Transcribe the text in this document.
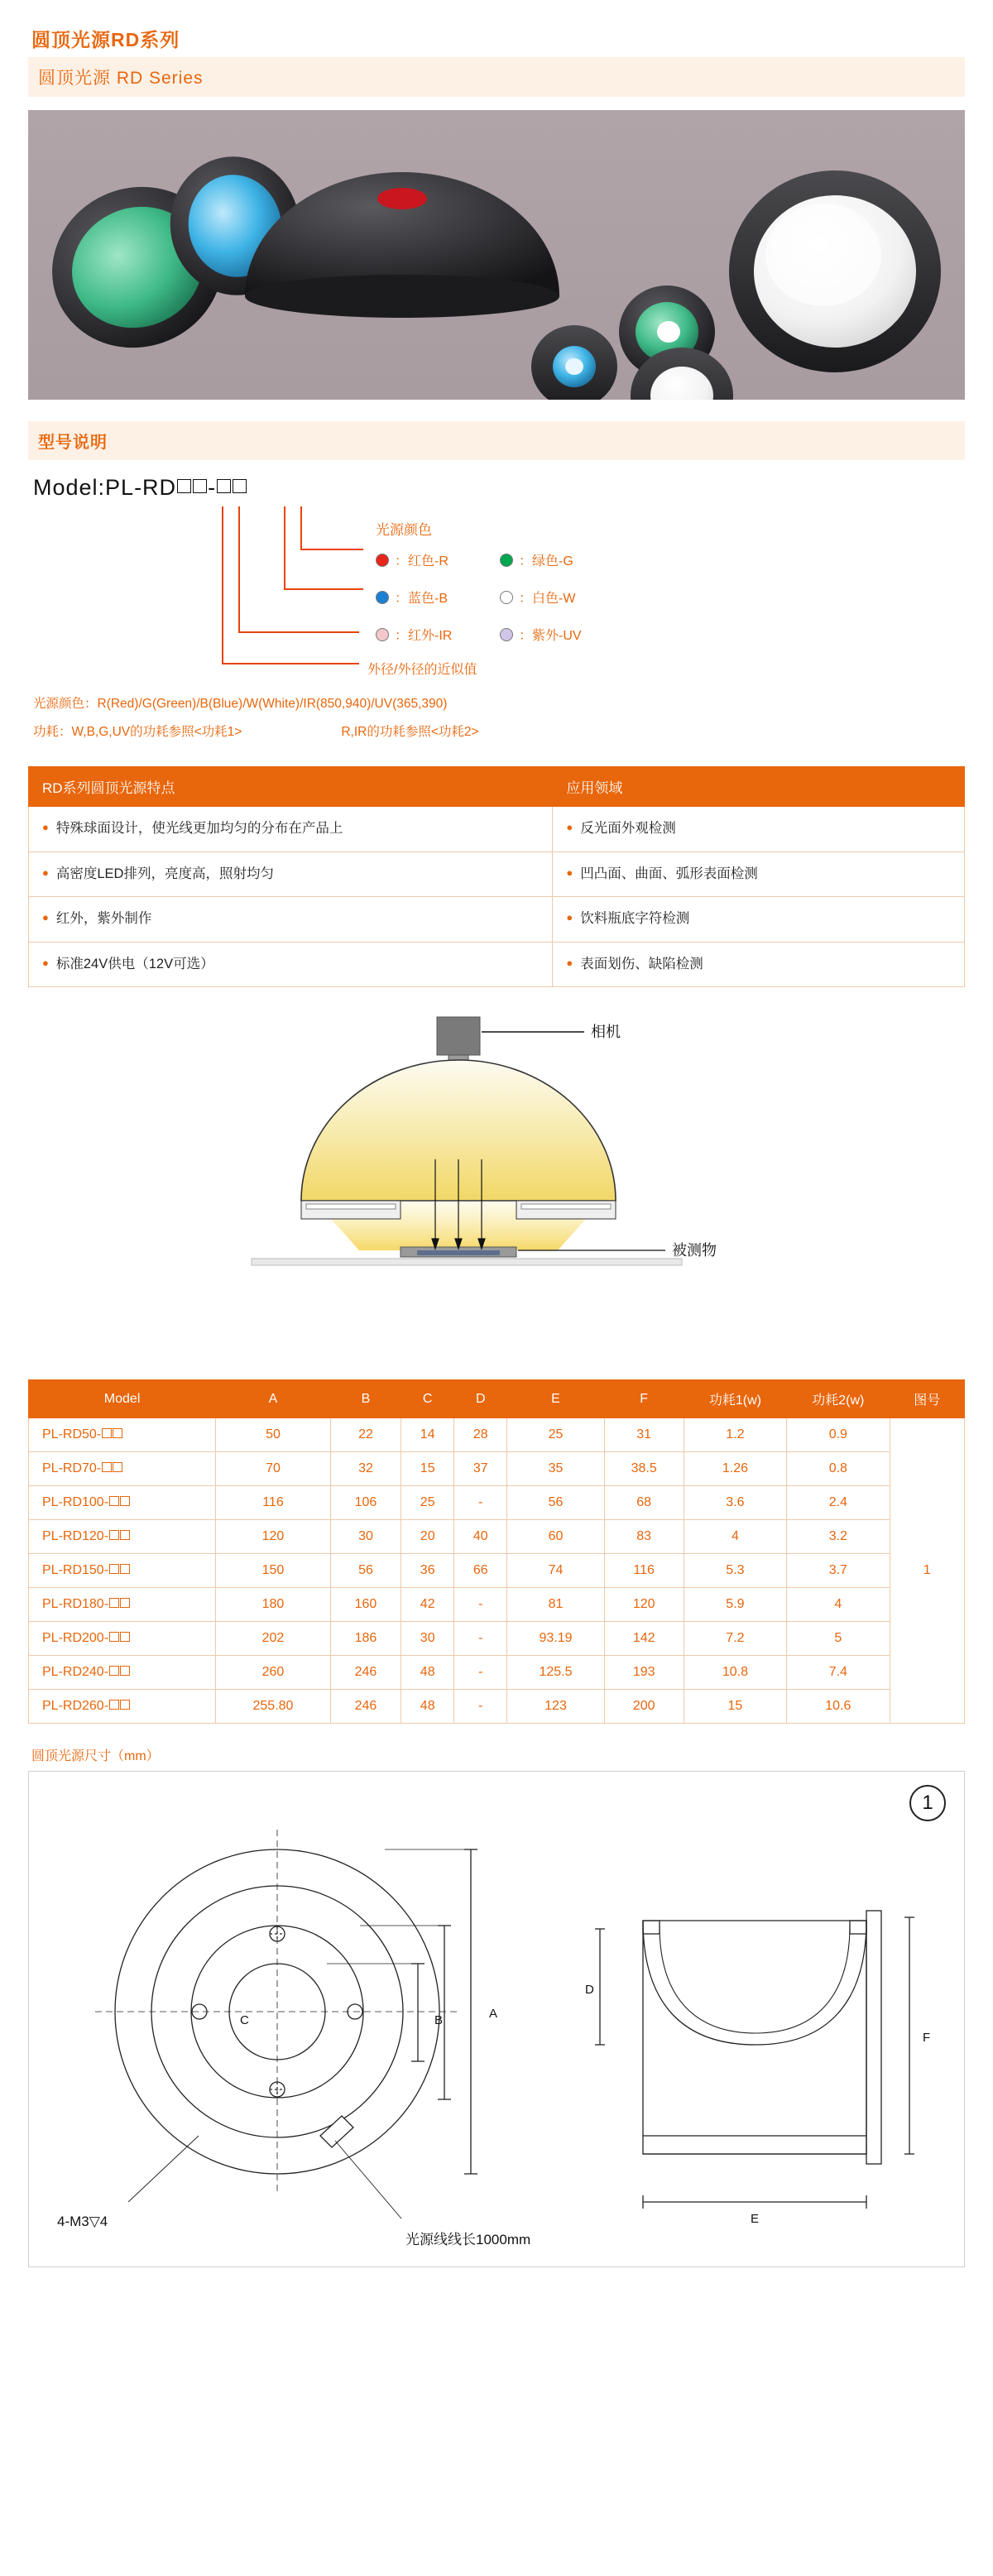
圆顶光源RD系列
圆顶光源 RD Series
型号说明
Model:PL-RD -
光源颜色
：红色-R	：绿色-G
：蓝色-B	：白色-W
：红外-IR	：紫外-UV
外径/外径的近似值
光源颜色：R(Red)/G(Green)/B(Blue)/W(White)/IR(850,940)/UV(365,390)
功耗：W,B,G,UV的功耗参照<功耗1>	R,IR的功耗参照<功耗2>
RD系列圆顶光源特点	应用领域
● 特殊球面设计，使光线更加均匀的分布在产品上	● 反光面外观检测
● 高密度LED排列，亮度高，照射均匀	● 凹凸面、曲面、弧形表面检测
● 红外，紫外制作	● 饮料瓶底字符检测
● 标准24V供电（12V可选）	● 表面划伤、缺陷检测
相机
被测物
Model	A	B	C	D	E	F	功耗1(w)	功耗2(w)	图号
PL-RD50-	50	22	14	28	25	31	1.2	0.9	1
PL-RD70-	70	32	15	37	35	38.5	1.26	0.8	
PL-RD100-	116	106	25	-	56	68	3.6	2.4	
PL-RD120-	120	30	20	40	60	83	4	3.2	
PL-RD150-	150	56	36	66	74	116	5.3	3.7	
PL-RD180-	180	160	42	-	81	120	5.9	4	
PL-RD200-	202	186	30	-	93.19	142	7.2	5	
PL-RD240-	260	246	48	-	125.5	193	10.8	7.4	
PL-RD260-	255.80	246	48	-	123	200	15	10.6	
圆顶光源尺寸（mm）
1
C	B	A
D
F
E
4-M3▽4
光源线线长1000mm
